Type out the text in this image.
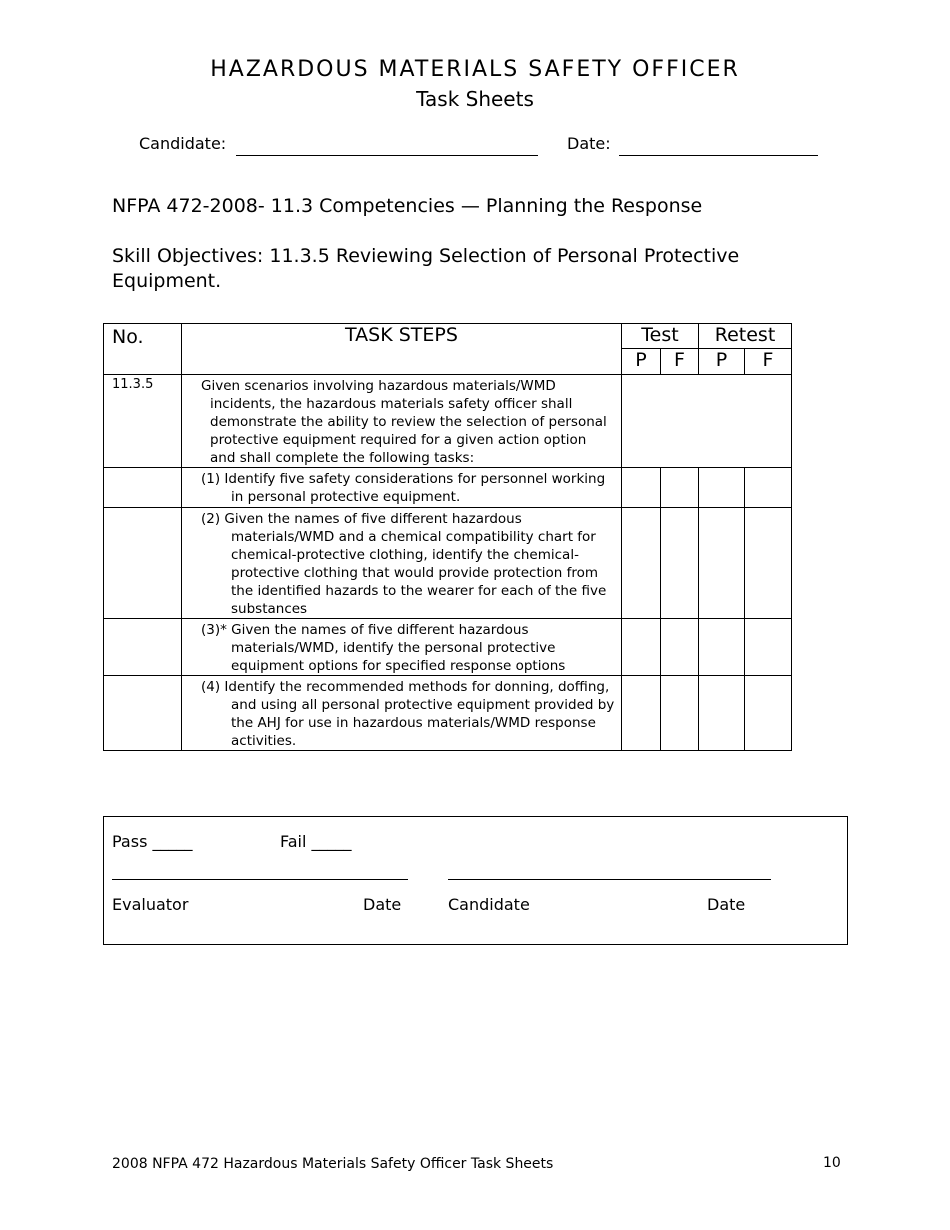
HAZARDOUS MATERIALS SAFETY OFFICER
Task Sheets
Candidate:	Date:
NFPA 472-2008- 11.3 Competencies — Planning the Response
Skill Objectives: 11.3.5 Reviewing Selection of Personal Protective Equipment.
No.	TASK STEPS	Test		Retest	
		P	F	P	F
11.3.5	Given scenarios involving hazardous materials/WMD incidents, the hazardous materials safety officer shall demonstrate the ability to review the selection of personal protective equipment required for a given action option and shall complete the following tasks:				

	(1) Identify five safety considerations for personnel working in personal protective equipment.				

	(2) Given the names of five different hazardous materials/WMD and a chemical compatibility chart for chemical-protective clothing, identify the chemical-protective clothing that would provide protection from the identified hazards to the wearer for each of the five substances				

	(3)* Given the names of five different hazardous materials/WMD, identify the personal protective equipment options for specified response options				

	(4) Identify the recommended methods for donning, doffing, and using all personal protective equipment provided by the AHJ for use in hazardous materials/WMD response activities.				

Pass _____	Fail _____
Evaluator	Date	Candidate	Date
2008 NFPA 472 Hazardous Materials Safety Officer Task Sheets	10
